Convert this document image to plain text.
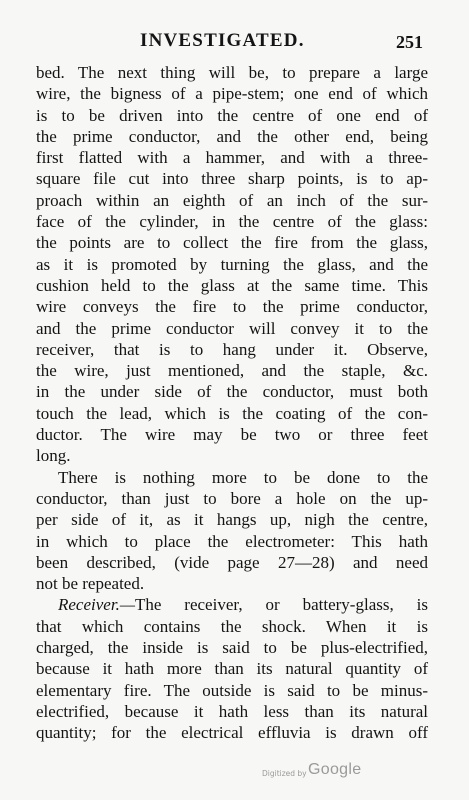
INVESTIGATED.	251
bed. The next thing will be, to prepare a large
wire, the bigness of a pipe-stem; one end of which
is to be driven into the centre of one end of
the prime conductor, and the other end, being
first flatted with a hammer, and with a three-
square file cut into three sharp points, is to ap-
proach within an eighth of an inch of the sur-
face of the cylinder, in the centre of the glass:
the points are to collect the fire from the glass,
as it is promoted by turning the glass, and the
cushion held to the glass at the same time. This
wire conveys the fire to the prime conductor,
and the prime conductor will convey it to the
receiver, that is to hang under it. Observe,
the wire, just mentioned, and the staple, &c.
in the under side of the conductor, must both
touch the lead, which is the coating of the con-
ductor. The wire may be two or three feet
long.
There is nothing more to be done to the
conductor, than just to bore a hole on the up-
per side of it, as it hangs up, nigh the centre,
in which to place the electrometer: This hath
been described, (vide page 27—28) and need
not be repeated.
Receiver.—The receiver, or battery-glass, is
that which contains the shock. When it is
charged, the inside is said to be plus-electrified,
because it hath more than its natural quantity of
elementary fire. The outside is said to be minus-
electrified, because it hath less than its natural
quantity; for the electrical effluvia is drawn off
Digitized by Google
